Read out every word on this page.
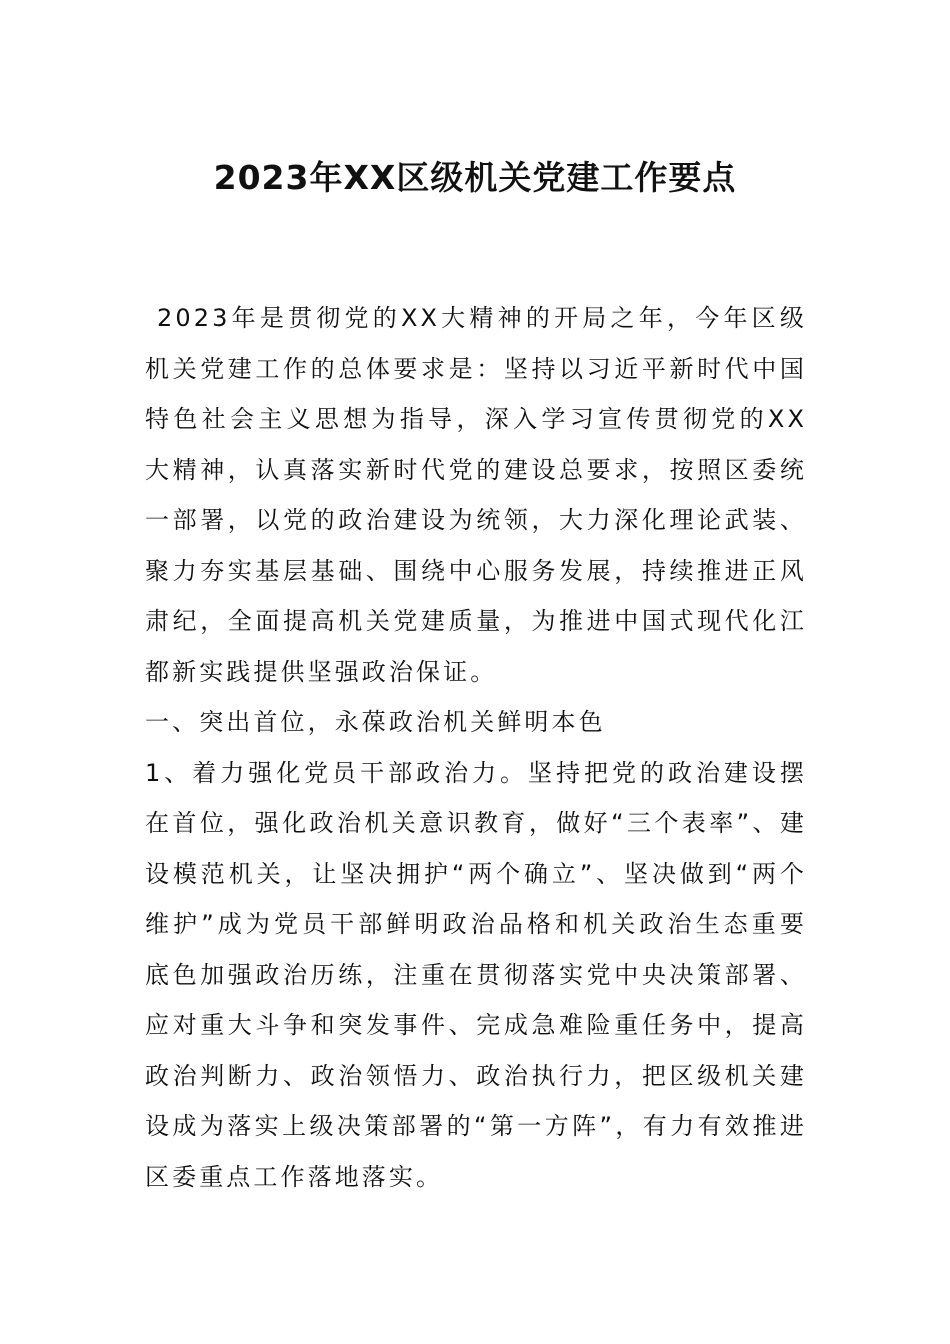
2023年XX区级机关党建工作要点

2023年是贯彻党的XX大精神的开局之年，今年区级机关党建工作的总体要求是：坚持以习近平新时代中国特色社会主义思想为指导，深入学习宣传贯彻党的XX大精神，认真落实新时代党的建设总要求，按照区委统一部署，以党的政治建设为统领，大力深化理论武装、聚力夯实基层基础、围绕中心服务发展，持续推进正风肃纪，全面提高机关党建质量，为推进中国式现代化江都新实践提供坚强政治保证。

一、突出首位，永葆政治机关鲜明本色

1、着力强化党员干部政治力。坚持把党的政治建设摆在首位，强化政治机关意识教育，做好“三个表率”、建设模范机关，让坚决拥护“两个确立”、坚决做到“两个维护”成为党员干部鲜明政治品格和机关政治生态重要底色加强政治历练，注重在贯彻落实党中央决策部署、应对重大斗争和突发事件、完成急难险重任务中，提高政治判断力、政治领悟力、政治执行力，把区级机关建设成为落实上级决策部署的“第一方阵”，有力有效推进区委重点工作落地落实。
